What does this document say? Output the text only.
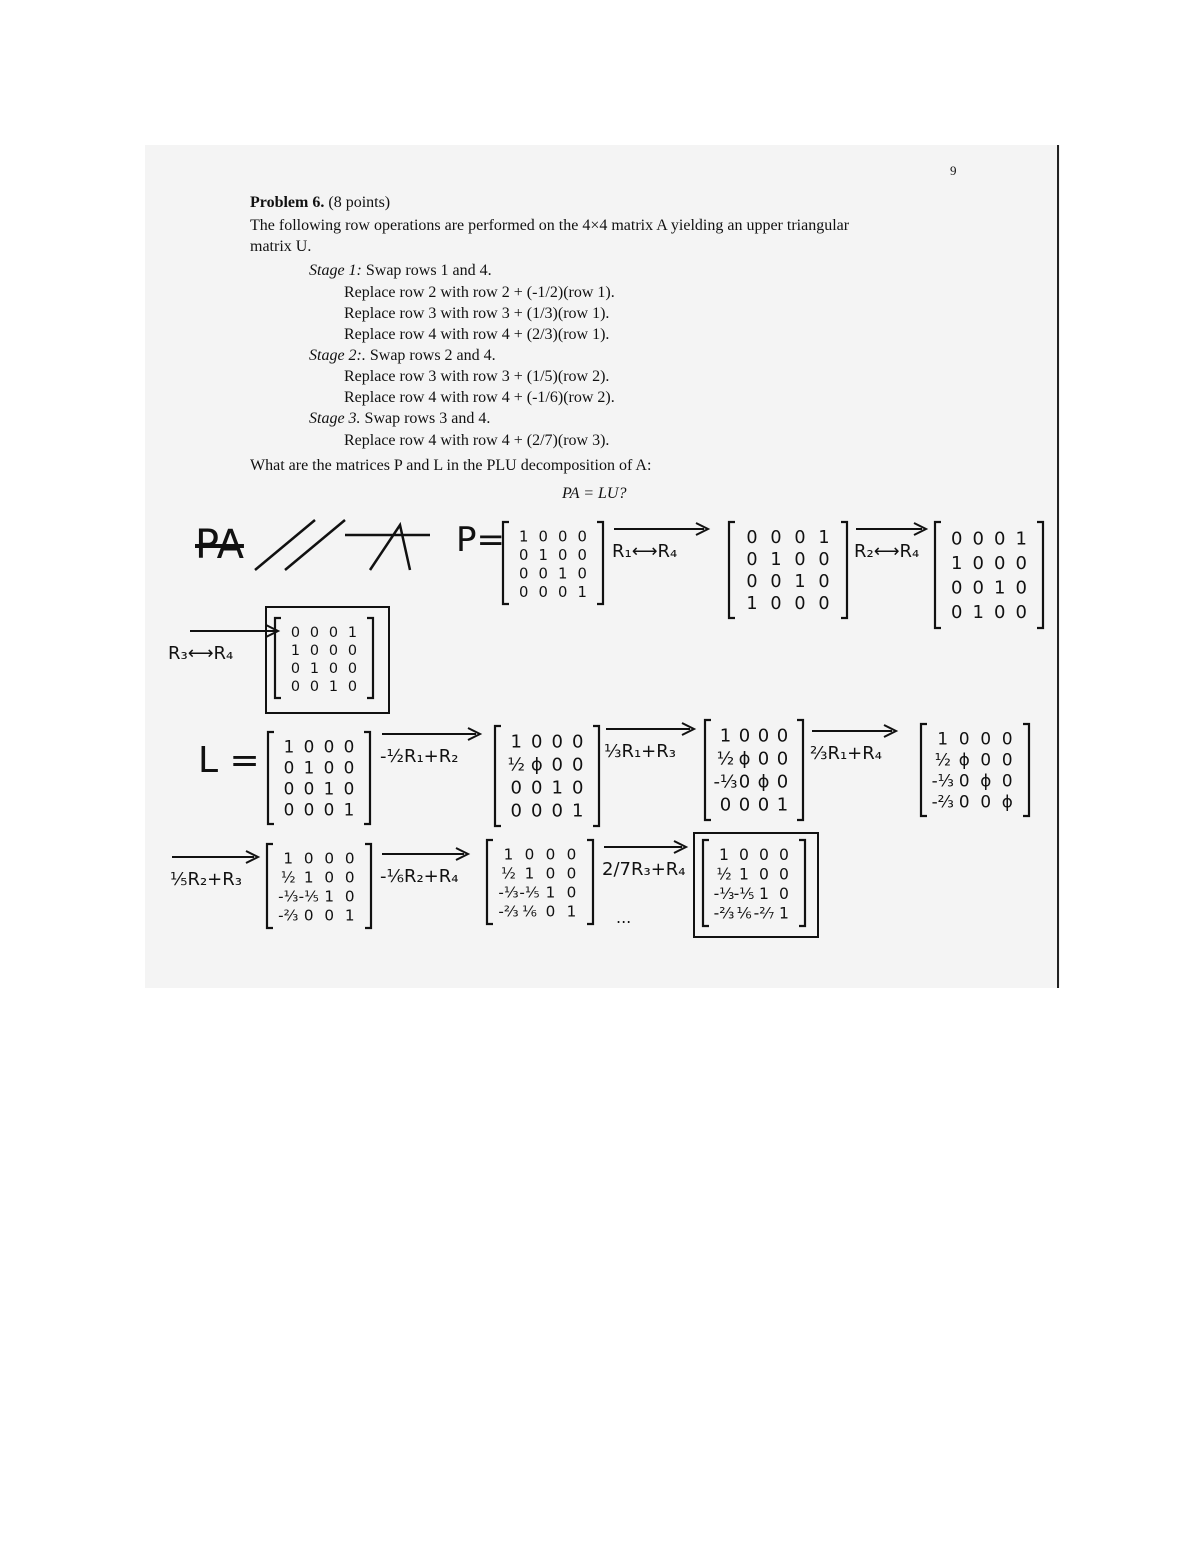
9
Problem 6. (8 points)
The following row operations are performed on the 4×4 matrix A yielding an upper triangular
matrix U.
Stage 1: Swap rows 1 and 4.
Replace row 2 with row 2 + (-1/2)(row 1).
Replace row 3 with row 3 + (1/3)(row 1).
Replace row 4 with row 4 + (2/3)(row 1).
Stage 2:. Swap rows 2 and 4.
Replace row 3 with row 3 + (1/5)(row 2).
Replace row 4 with row 4 + (-1/6)(row 2).
Stage 3. Swap rows 3 and 4.
Replace row 4 with row 4 + (2/7)(row 3).
What are the matrices P and L in the PLU decomposition of A:
PA = LU?
PA	P= 1 0 0 0
0 1 0 0
0 0 1 0
0 0 0 1
R₁⟷R₄
0 0 0 1
0 1 0 0
0 0 1 0
1 0 0 0
R₂⟷R₄
0 0 0 1
1 0 0 0
0 0 1 0
0 1 0 0
R₃⟷R₄
0 0 0 1
1 0 0 0
0 1 0 0
0 0 1 0
L = 1 0 0 0
0 1 0 0
0 0 1 0
0 0 0 1
-½R₁+R₂
1 0 0 0
½ ϕ 0 0
0 0 1 0
0 0 0 1
⅓R₁+R₃
1 0 0 0
½ ϕ 0 0
-⅓ 0 ϕ 0
0 0 0 1
⅔R₁+R₄
1 0 0 0
½ ϕ 0 0
-⅓ 0 ϕ 0
-⅔ 0 0 ϕ
⅕R₂+R₃
1 0 0 0
½ 1 0 0
-⅓ -⅕ 1 0
-⅔ 0 0 1
-⅙R₂+R₄
1 0 0 0
½ 1 0 0
-⅓ -⅕ 1 0
-⅔ ⅙ 0 1
2/7R₃+R₄
...
1 0 0 0
½ 1 0 0
-⅓ -⅕ 1 0
-⅔ ⅙ -²⁄₇ 1
